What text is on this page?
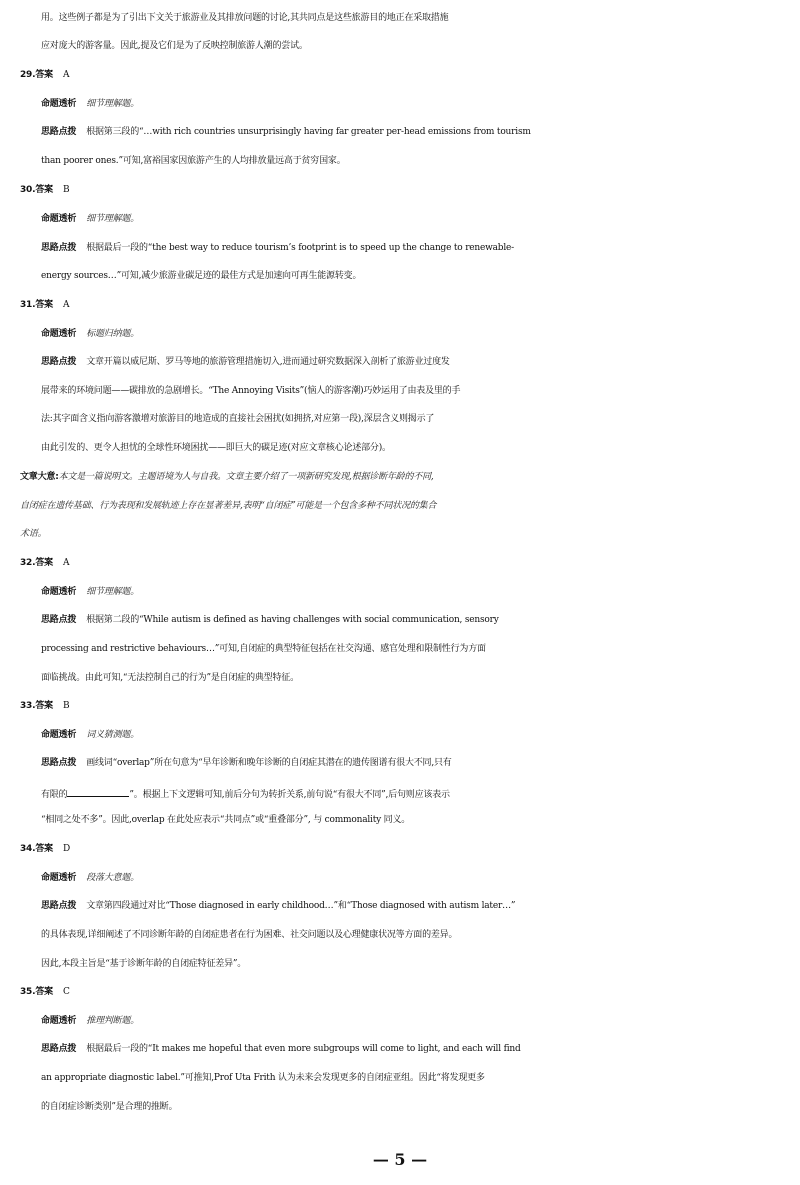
用。这些例子都是为了引出下文关于旅游业及其排放问题的讨论,其共同点是这些旅游目的地正在采取措施
应对庞大的游客量。因此,提及它们是为了反映控制旅游人潮的尝试。
29.答案 A
命题透析 细节理解题。
思路点拨 根据第三段的“…with rich countries unsurprisingly having far greater per-head emissions from tourism
than poorer ones.”可知,富裕国家因旅游产生的人均排放量远高于贫穷国家。
30.答案 B
命题透析 细节理解题。
思路点拨 根据最后一段的“the best way to reduce tourism’s footprint is to speed up the change to renewable-
energy sources…”可知,减少旅游业碳足迹的最佳方式是加速向可再生能源转变。
31.答案 A
命题透析 标题归纳题。
思路点拨 文章开篇以威尼斯、罗马等地的旅游管理措施切入,进而通过研究数据深入剖析了旅游业过度发
展带来的环境问题——碳排放的急剧增长。“The Annoying Visits”(恼人的游客潮)巧妙运用了由表及里的手
法:其字面含义指向游客激增对旅游目的地造成的直接社会困扰(如拥挤,对应第一段),深层含义则揭示了
由此引发的、更令人担忧的全球性环境困扰——即巨大的碳足迹(对应文章核心论述部分)。
文章大意:本文是一篇说明文。主题语境为人与自我。文章主要介绍了一项新研究发现,根据诊断年龄的不同,
自闭症在遗传基础、行为表现和发展轨迹上存在显著差异,表明“自闭症”可能是一个包含多种不同状况的集合
术语。
32.答案 A
命题透析 细节理解题。
思路点拨 根据第二段的“While autism is defined as having challenges with social communication, sensory
processing and restrictive behaviours…”可知,自闭症的典型特征包括在社交沟通、感官处理和限制性行为方面
面临挑战。由此可知,“无法控制自己的行为”是自闭症的典型特征。
33.答案 B
命题透析 词义猜测题。
思路点拨 画线词“overlap”所在句意为“早年诊断和晚年诊断的自闭症其潜在的遗传图谱有很大不同,只有
有限的	”。根据上下文逻辑可知,前后分句为转折关系,前句说“有很大不同”,后句则应该表示
“相同之处不多”。因此,overlap 在此处应表示“共同点”或“重叠部分”, 与 commonality 同义。
34.答案 D
命题透析 段落大意题。
思路点拨 文章第四段通过对比“Those diagnosed in early childhood…”和“Those diagnosed with autism later…”
的具体表现,详细阐述了不同诊断年龄的自闭症患者在行为困难、社交问题以及心理健康状况等方面的差异。
因此,本段主旨是“基于诊断年龄的自闭症特征差异”。
35.答案 C
命题透析 推理判断题。
思路点拨 根据最后一段的“It makes me hopeful that even more subgroups will come to light, and each will find
an appropriate diagnostic label.”可推知,Prof Uta Frith 认为未来会发现更多的自闭症亚组。因此“将发现更多
的自闭症诊断类别”是合理的推断。
— 5 —
